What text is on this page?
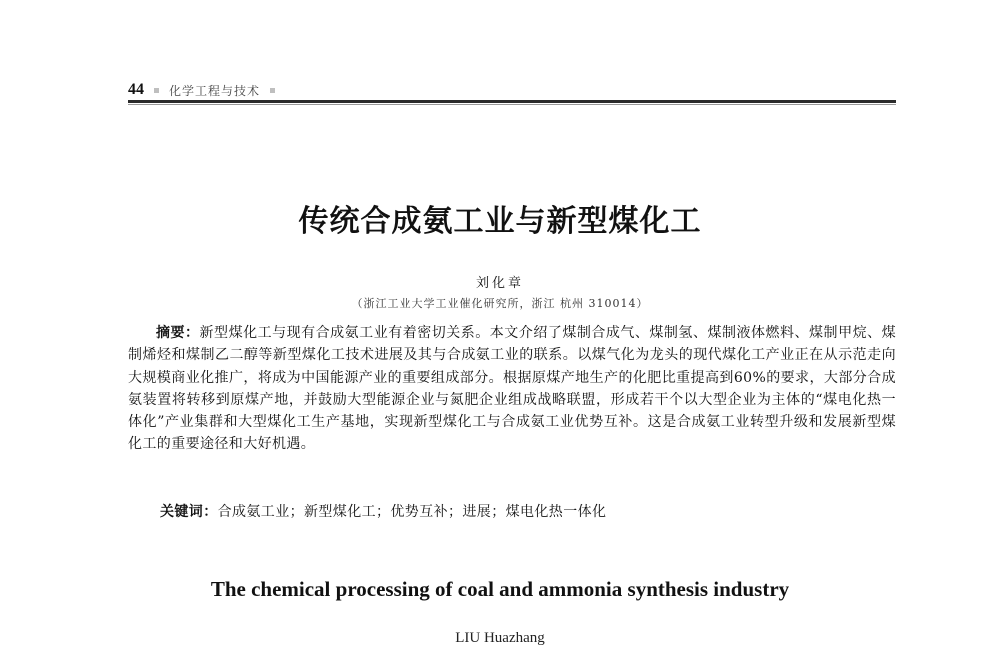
44 化学工程与技术
传统合成氨工业与新型煤化工
刘化章
（浙江工业大学工业催化研究所，浙江 杭州 310014）
摘要：新型煤化工与现有合成氨工业有着密切关系。本文介绍了煤制合成气、煤制氢、煤制液体燃料、煤制甲烷、煤制烯烃和煤制乙二醇等新型煤化工技术进展及其与合成氨工业的联系。以煤气化为龙头的现代煤化工产业正在从示范走向大规模商业化推广，将成为中国能源产业的重要组成部分。根据原煤产地生产的化肥比重提高到60%的要求，大部分合成氨装置将转移到原煤产地，并鼓励大型能源企业与氮肥企业组成战略联盟，形成若干个以大型企业为主体的“煤电化热一体化”产业集群和大型煤化工生产基地，实现新型煤化工与合成氨工业优势互补。这是合成氨工业转型升级和发展新型煤化工的重要途径和大好机遇。
关键词：合成氨工业；新型煤化工；优势互补；进展；煤电化热一体化
The chemical processing of coal and ammonia synthesis industry
LIU Huazhang
